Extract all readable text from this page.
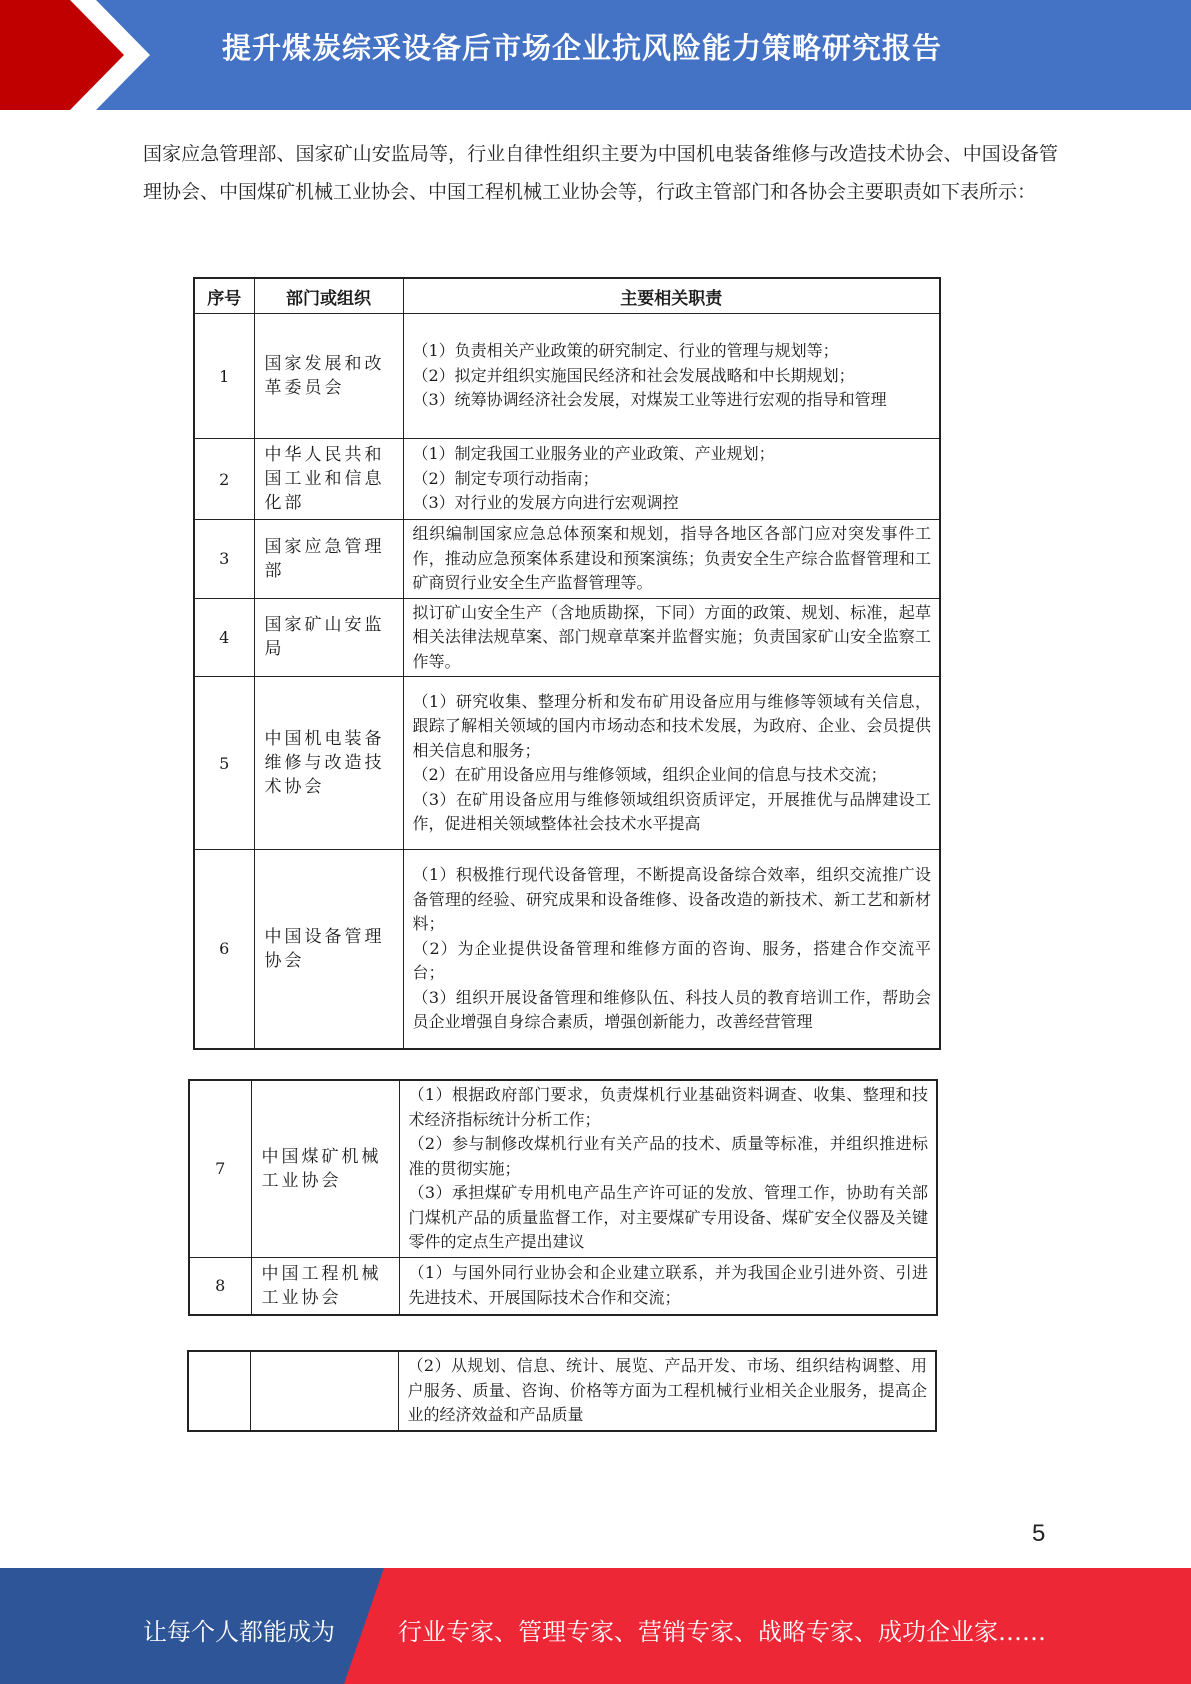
提升煤炭综采设备后市场企业抗风险能力策略研究报告
国家应急管理部、国家矿山安监局等，行业自律性组织主要为中国机电装备维修与改造技术协会、中国设备管理协会、中国煤矿机械工业协会、中国工程机械工业协会等，行政主管部门和各协会主要职责如下表所示：
序号	部门或组织	主要相关职责
1	国家发展和改革委员会	（1）负责相关产业政策的研究制定、行业的管理与规划等；
（2）拟定并组织实施国民经济和社会发展战略和中长期规划；
（3）统筹协调经济社会发展，对煤炭工业等进行宏观的指导和管理

2	中华人民共和国工业和信息化部	（1）制定我国工业服务业的产业政策、产业规划；
（2）制定专项行动指南；
（3）对行业的发展方向进行宏观调控

3	国家应急管理部	组织编制国家应急总体预案和规划，指导各地区各部门应对突发事件工作，推动应急预案体系建设和预案演练；负责安全生产综合监督管理和工矿商贸行业安全生产监督管理等。

4	国家矿山安监局	拟订矿山安全生产（含地质勘探，下同）方面的政策、规划、标准，起草相关法律法规草案、部门规章草案并监督实施；负责国家矿山安全监察工作等。

5	中国机电装备维修与改造技术协会	（1）研究收集、整理分析和发布矿用设备应用与维修等领域有关信息，跟踪了解相关领域的国内市场动态和技术发展，为政府、企业、会员提供相关信息和服务；
（2）在矿用设备应用与维修领域，组织企业间的信息与技术交流；
（3）在矿用设备应用与维修领域组织资质评定，开展推优与品牌建设工作，促进相关领域整体社会技术水平提高

6	中国设备管理协会	（1）积极推行现代设备管理，不断提高设备综合效率，组织交流推广设备管理的经验、研究成果和设备维修、设备改造的新技术、新工艺和新材料；
（2）为企业提供设备管理和维修方面的咨询、服务，搭建合作交流平台；
（3）组织开展设备管理和维修队伍、科技人员的教育培训工作，帮助会员企业增强自身综合素质，增强创新能力，改善经营管理
7	中国煤矿机械工业协会	（1）根据政府部门要求，负责煤机行业基础资料调查、收集、整理和技术经济指标统计分析工作；
（2）参与制修改煤机行业有关产品的技术、质量等标准，并组织推进标准的贯彻实施；
（3）承担煤矿专用机电产品生产许可证的发放、管理工作，协助有关部门煤机产品的质量监督工作，对主要煤矿专用设备、煤矿安全仪器及关键零件的定点生产提出建议

8	中国工程机械工业协会	（1）与国外同行业协会和企业建立联系，并为我国企业引进外资、引进先进技术、开展国际技术合作和交流；

（2）从规划、信息、统计、展览、产品开发、市场、组织结构调整、用户服务、质量、咨询、价格等方面为工程机械行业相关企业服务，提高企业的经济效益和产品质量
5
让每个人都能成为	行业专家、管理专家、营销专家、战略专家、成功企业家……
